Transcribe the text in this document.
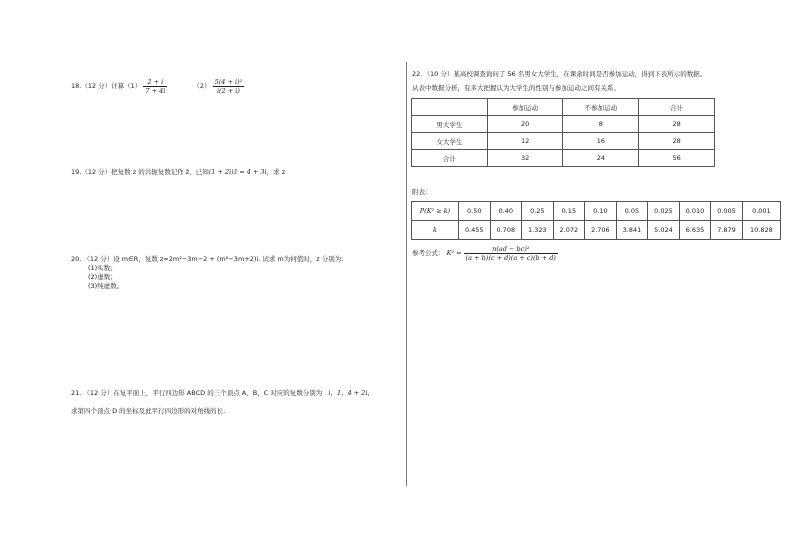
18.（12 分）计算$(1) \frac{2 + i}{7 + 4i}$	$(2) \frac{\text{5(4 + i)²}}{i(2 + i)}$
19.（12 分）把复数 z 的共轭复数记作 z̄，已知(1 + 2i)z̄ = 4 + 3i，求 z
20. （12 分）设 m∈R，复数 z=2m²−3m−2 + (m²−3m+2)i. 试求 m为何值时，z 分别为：
(1)实数；
(2)虚数；
(3)纯虚数。
21. （12 分）在复平面上，平行四边形 ABCD 的三个顶点 A、B、C 对应的复数分别为 i，1，4 + 2i，
求第四个顶点 D 的坐标及此平行四边形的对角线的长.
22．（10 分）某高校调查询问了 56 名男女大学生，在课余时间是否参加运动，得到下表所示的数据。
从表中数据分析，有多大把握认为大学生的性别与参加运动之间有关系。
	参加运动	不参加运动	合计
男大学生	20	8	28
女大学生	12	16	28
合计	32	24	56
附表：
P(K² ≥ k)	0.50	0.40	0.25	0.15	0.10	0.05	0.025	0.010	0.005	0.001
k	0.455	0.708	1.323	2.072	2.706	3.841	5.024	6.635	7.879	10.828
参考公式： $K^2 = \frac{\text{n(ad − bc)²}}{(a + b)(c + d)(a + c)(b + d)}$
